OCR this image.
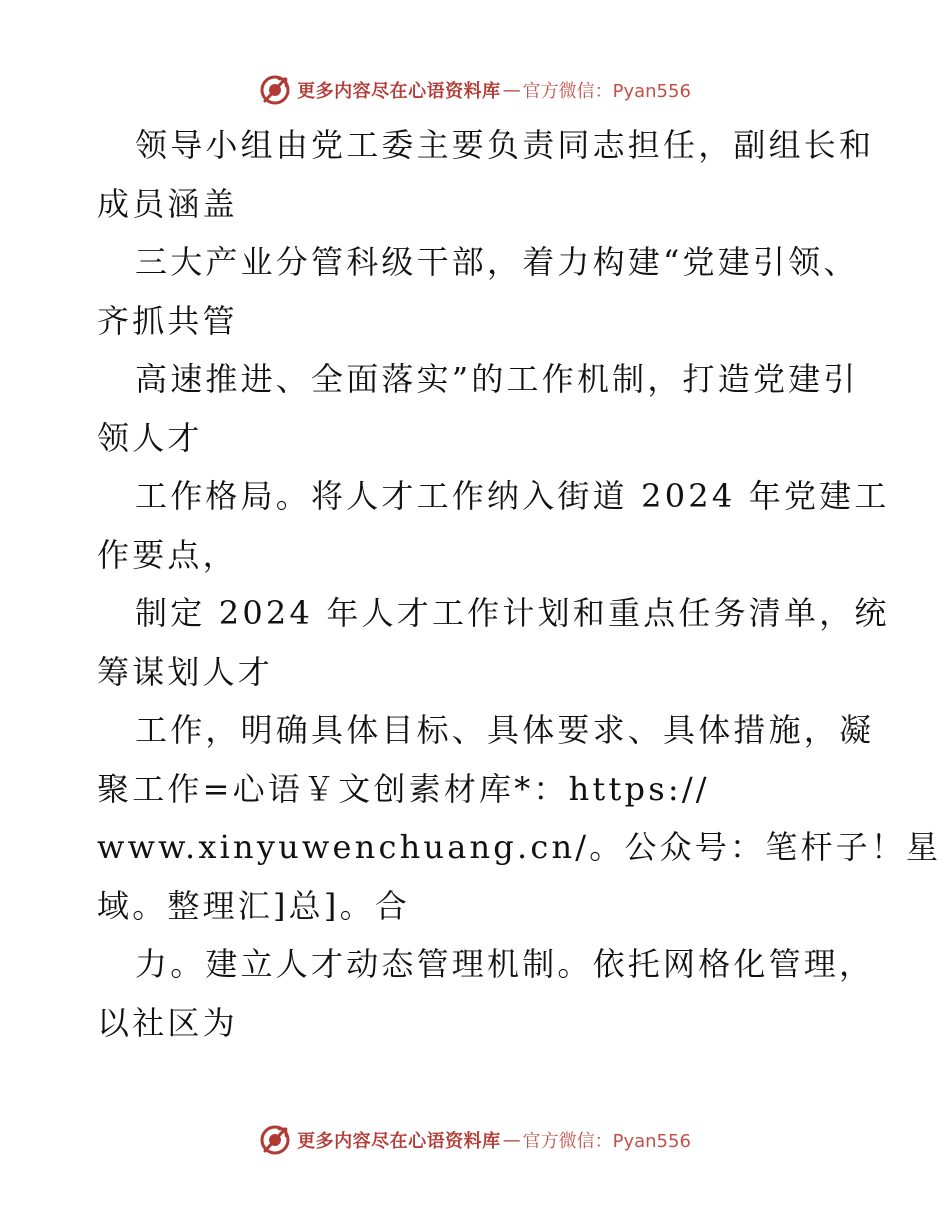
更多内容尽在心语资料库 — 官方微信：Pyan556
领导小组由党工委主要负责同志担任，副组长和
成员涵盖
三大产业分管科级干部，着力构建“党建引领、
齐抓共管
高速推进、全面落实”的工作机制，打造党建引
领人才
工作格局。将人才工作纳入街道 2024 年党建工
作要点，
制定 2024 年人才工作计划和重点任务清单，统
筹谋划人才
工作，明确具体目标、具体要求、具体措施，凝
聚工作=心语￥文创素材库*：https://
www.xinyuwenchuang.cn/。公众号：笔杆子！星
域。整理汇]总]。合
力。建立人才动态管理机制。依托网格化管理，
以社区为
更多内容尽在心语资料库 — 官方微信：Pyan556
